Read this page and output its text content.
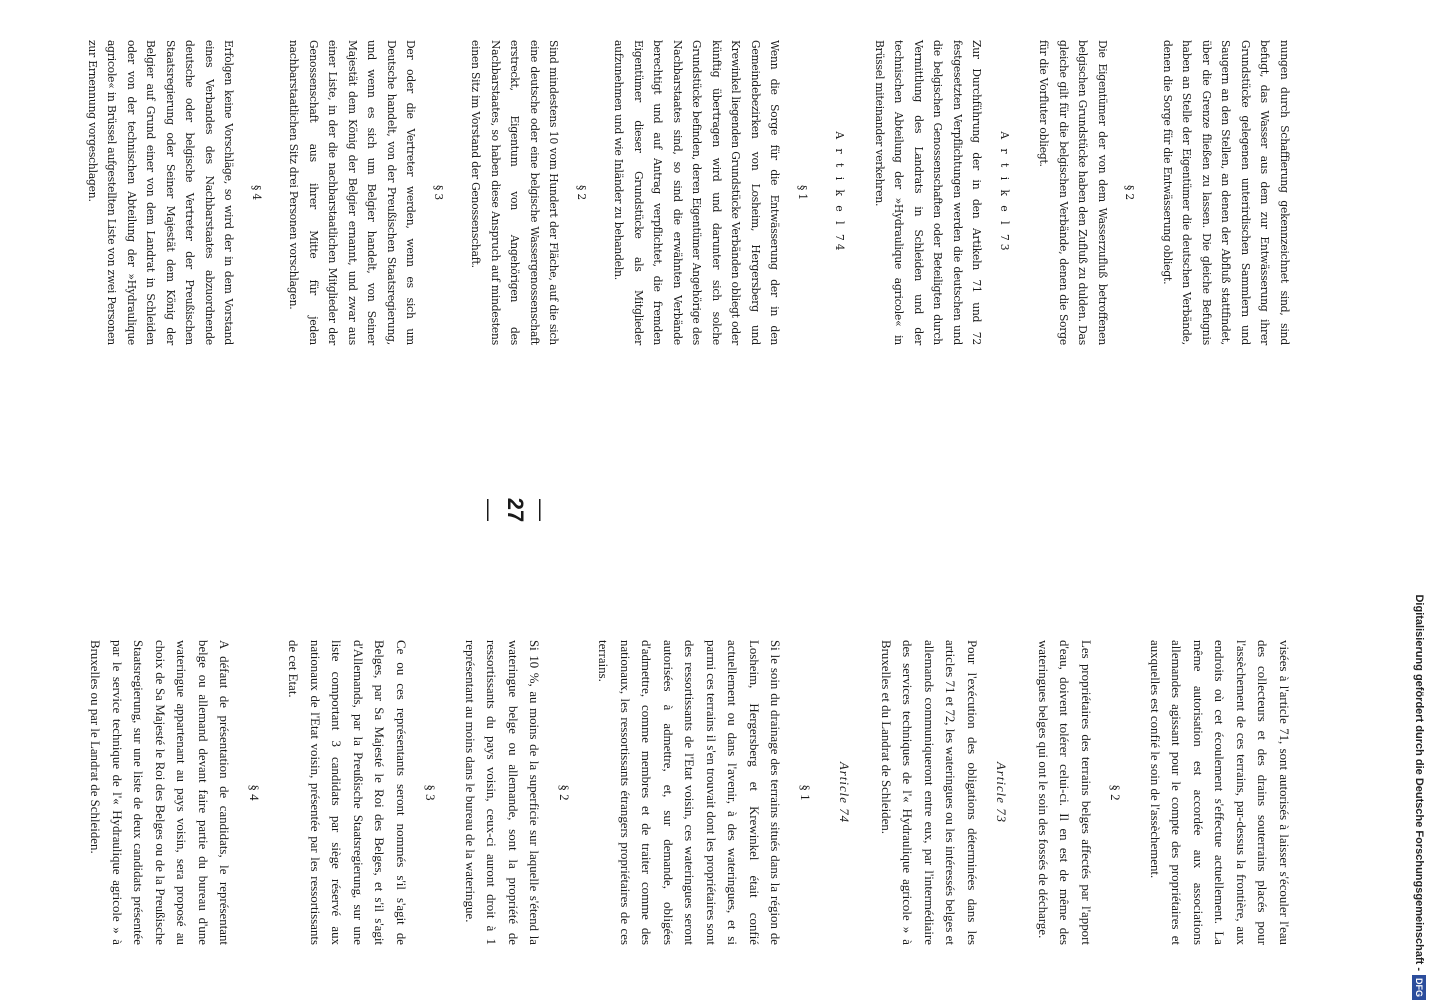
Digitalisierung gefördert durch die Deutsche Forschungsgemeinschaft -DFG
—27—

nungen durch Schaffierung gekennzeichnet sind, sind befugt, das Wasser aus dem zur Entwässerung ihrer Grundstücke gelegenen unterirdischen Sammlern und Saugern an den Stellen, an denen der Abfluß stattfindet, über die Grenze fließen zu lassen. Die gleiche Befugnis haben an Stelle der Eigentümer die deutschen Verbände, denen die Sorge für die Entwässerung obliegt.

§ 2

Die Eigentümer der von dem Wasserzufluß betroffenen belgischen Grundstücke haben den Zufluß zu dulden. Das gleiche gilt für die belgischen Verbände, denen die Sorge für die Vorfluter obliegt.

A r t i k e l 73

Zur Durchführung der in den Artikeln 71 und 72 festgesetzten Verpflichtungen werden die deutschen und die belgischen Genossenschaften oder Beteiligten durch Vermittlung des Landrats in Schleiden und der technischen Abteilung der »Hydraulique agricole« in Brüssel miteinander verkehren.

A r t i k e l 74

§ 1

Wenn die Sorge für die Entwässerung der in den Gemeindebezirken von Losheim, Hergersberg und Krewinkel liegenden Grundstücke Verbänden obliegt oder künftig übertragen wird und darunter sich solche Grundstücke befinden, deren Eigentümer Angehörige des Nachbarstaates sind, so sind die erwähnten Verbände berechtigt und auf Antrag verpflichtet, die fremden Eigentümer dieser Grundstücke als Mitglieder aufzunehmen und wie Inländer zu behandeln.

§ 2

Sind mindestens 10 vom Hundert der Fläche, auf die sich eine deutsche oder eine belgische Wassergenossenschaft erstreckt, Eigentum von Angehörigen des Nachbarstaates, so haben diese Anspruch auf mindestens einen Sitz im Vorstand der Genossenschaft.

§ 3

Der oder die Vertreter werden, wenn es sich um Deutsche handelt, von der Preußischen Staatsregierung, und wenn es sich um Belgier handelt, von Seiner Majestät dem König der Belgier ernannt, und zwar aus einer Liste, in der die nachbarstaatlichen Mitglieder der Genossenschaft aus ihrer Mitte für jeden nachbarstaatlichen Sitz drei Personen vorschlagen.

§ 4

Erfolgen keine Vorschläge, so wird der in dem Vorstand eines Verbandes des Nachbarstaates abzuordnende deutsche oder belgische Vertreter der Preußischen Staatsregierung oder Seiner Majestät dem König der Belgier auf Grund einer von dem Landrat in Schleiden oder von der technischen Abteilung der »Hydraulique agricole« in Brüssel aufgestellten Liste von zwei Personen zur Ernennung vorgeschlagen.

visées à l'article 71, sont autorisés à laisser s'écouler l'eau des collecteurs et des drains souterrains placés pour l'assèchement de ces terrains, par-dessus la frontière, aux endroits où cet écoulement s'effectue actuellement. La même autorisation est accordée aux associations allemandes agissant pour le compte des propriétaires et auxquelles est confié le soin de l'assèchement.

§ 2

Les propriétaires des terrains belges affectés par l'apport d'eau, doivent tolérer celui-ci. Il en est de même des wateringues belges qui ont le soin des fossés de décharge.

Article 73

Pour l'exécution des obligations déterminées dans les articles 71 et 72, les wateringues ou les intéressés belges et allemands communiqueront entre eux, par l'intermédiaire des services techniques de l'« Hydraulique agricole » à Bruxelles et du Landrat de Schleiden.

Article 74

§ 1

Si le soin du drainage des terrains situés dans la région de Losheim, Hergersberg et Krewinkel était confié actuellement ou dans l'avenir, à des wateringues, et si parmi ces terrains il s'en trouvait dont les propriétaires sont des ressortissants de l'Etat voisin, ces wateringues seront autorisées à admettre, et, sur demande, obligées d'admettre, comme membres et de traiter comme des nationaux, les ressortissants étrangers propriétaires de ces terrains.

§ 2

Si 10 %, au moins de la superficie sur laquelle s'étend la wateringue belge ou allemande, sont la propriété de ressortissants du pays voisin, ceux-ci auront droit à 1 représentant au moins dans le bureau de la wateringue.

§ 3

Ce ou ces représentants seront nommés s'il s'agit de Belges, par Sa Majesté le Roi des Belges, et s'il s'agit d'Allemands, par la Preußische Staatsregierung, sur une liste comportant 3 candidats par siège réservé aux nationaux de l'Etat voisin, présentée par les ressortissants de cet Etat.

§ 4

A défaut de présentation de candidats, le représentant belge ou allemand devant faire partie du bureau d'une wateringue appartenant au pays voisin, sera proposé au choix de Sa Majesté le Roi des Belges ou de la Preußische Staatsregierung, sur une liste de deux candidats présentée par le service technique de l'« Hydraulique agricole » à Bruxelles ou par le Landrat de Schleiden.
